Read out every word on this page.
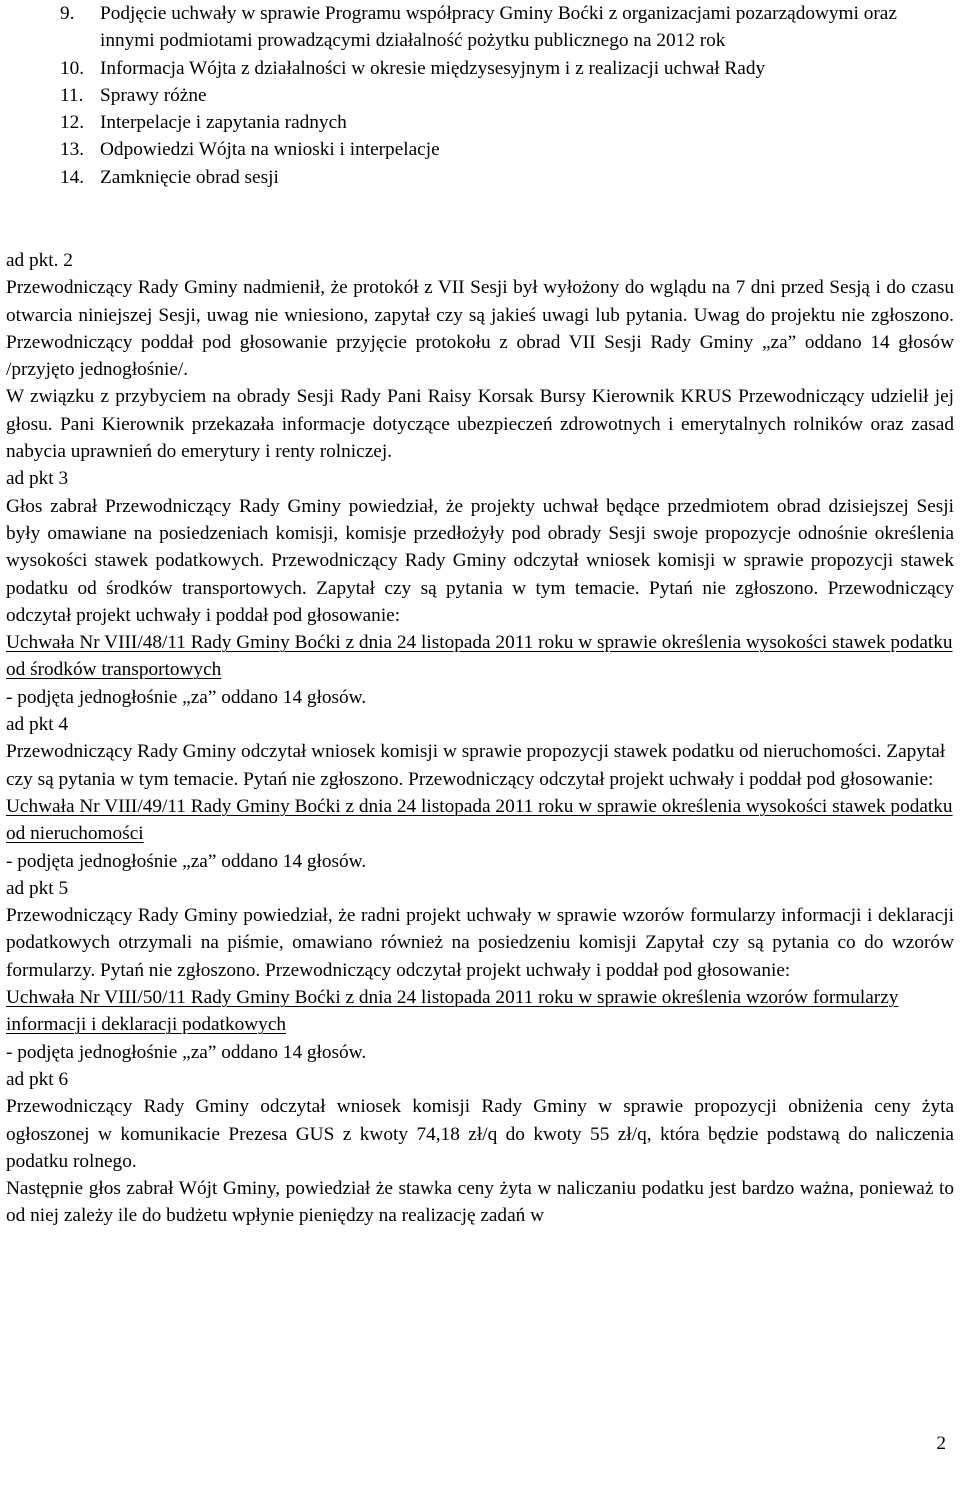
9.	Podjęcie uchwały w sprawie Programu współpracy Gminy Boćki z organizacjami pozarządowymi oraz innymi podmiotami prowadzącymi działalność pożytku publicznego na 2012 rok
10. Informacja Wójta z działalności w okresie międzysesyjnym i z realizacji uchwał Rady
11. Sprawy różne
12. Interpelacje i zapytania radnych
13. Odpowiedzi Wójta na wnioski i interpelacje
14. Zamknięcie obrad sesji

ad pkt. 2

Przewodniczący Rady Gminy nadmienił, że protokół z VII Sesji był wyłożony do wglądu na 7 dni przed Sesją i do czasu otwarcia niniejszej Sesji, uwag nie wniesiono, zapytał czy są jakieś uwagi lub pytania. Uwag do projektu nie zgłoszono. Przewodniczący poddał pod głosowanie przyjęcie protokołu z obrad VII Sesji Rady Gminy „za” oddano 14 głosów /przyjęto jednogłośnie/.

W związku z przybyciem na obrady Sesji Rady Pani Raisy Korsak Bursy Kierownik KRUS Przewodniczący udzielił jej głosu. Pani Kierownik przekazała informacje dotyczące ubezpieczeń zdrowotnych i emerytalnych rolników oraz zasad nabycia uprawnień do emerytury i renty rolniczej.

ad pkt 3

Głos zabrał Przewodniczący Rady Gminy powiedział, że projekty uchwał będące przedmiotem obrad dzisiejszej Sesji były omawiane na posiedzeniach komisji, komisje przedłożyły pod obrady Sesji swoje propozycje odnośnie określenia wysokości stawek podatkowych. Przewodniczący Rady Gminy odczytał wniosek komisji w sprawie propozycji stawek podatku od środków transportowych. Zapytał czy są pytania w tym temacie. Pytań nie zgłoszono. Przewodniczący odczytał projekt uchwały i poddał pod głosowanie:

Uchwała Nr VIII/48/11 Rady Gminy Boćki z dnia 24 listopada 2011 roku w sprawie określenia wysokości stawek podatku od środków transportowych

- podjęta jednogłośnie „za” oddano 14 głosów.

ad pkt 4

Przewodniczący Rady Gminy odczytał wniosek komisji w sprawie propozycji stawek podatku od nieruchomości. Zapytał czy są pytania w tym temacie. Pytań nie zgłoszono. Przewodniczący odczytał projekt uchwały i poddał pod głosowanie:

Uchwała Nr VIII/49/11 Rady Gminy Boćki z dnia 24 listopada 2011 roku w sprawie określenia wysokości stawek podatku od nieruchomości

- podjęta jednogłośnie „za” oddano 14 głosów.

ad pkt 5

Przewodniczący Rady Gminy powiedział, że radni projekt uchwały w sprawie wzorów formularzy informacji i deklaracji podatkowych otrzymali na piśmie, omawiano również na posiedzeniu komisji Zapytał czy są pytania co do wzorów formularzy. Pytań nie zgłoszono. Przewodniczący odczytał projekt uchwały i poddał pod głosowanie:

Uchwała Nr VIII/50/11 Rady Gminy Boćki z dnia 24 listopada 2011 roku w sprawie określenia wzorów formularzy informacji i deklaracji podatkowych

- podjęta jednogłośnie „za” oddano 14 głosów.

ad pkt 6

Przewodniczący Rady Gminy odczytał wniosek komisji Rady Gminy w sprawie propozycji obniżenia ceny żyta ogłoszonej w komunikacie Prezesa GUS z kwoty 74,18 zł/q do kwoty 55 zł/q, która będzie podstawą do naliczenia podatku rolnego.

Następnie głos zabrał Wójt Gminy, powiedział że stawka ceny żyta w naliczaniu podatku jest bardzo ważna, ponieważ to od niej zależy ile do budżetu wpłynie pieniędzy na realizację zadań w

2
